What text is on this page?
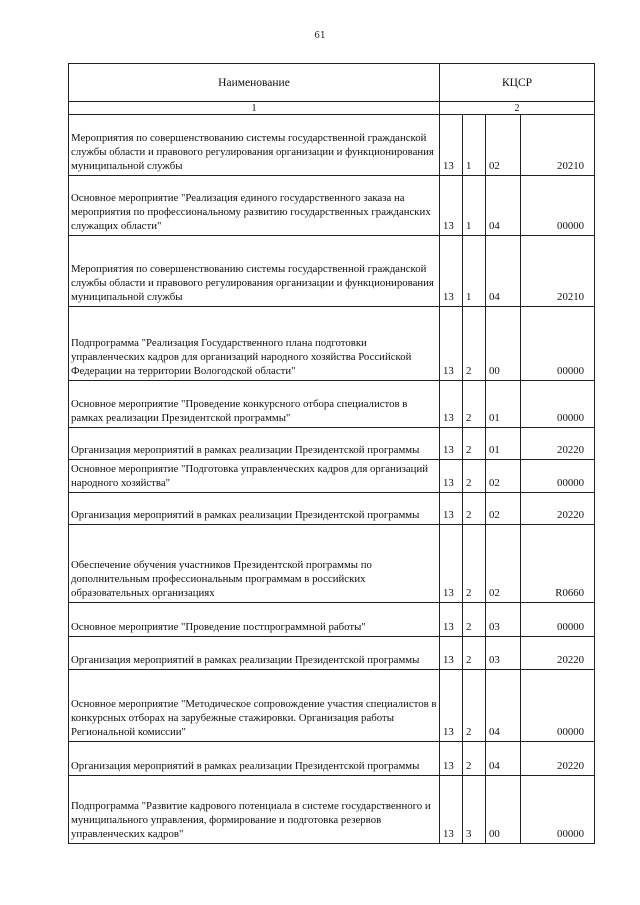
61
Наименование	КЦСР			
1	2			
Мероприятия по совершенствованию системы государственной гражданской службы области и правового регулирования организации и функционирования муниципальной службы	13	1	02	20210
Основное мероприятие "Реализация единого государственного заказа на мероприятия по профессиональному развитию государственных гражданских служащих области"	13	1	04	00000
Мероприятия по совершенствованию системы государственной гражданской службы области и правового регулирования организации и функционирования муниципальной службы	13	1	04	20210
Подпрограмма "Реализация Государственного плана подготовки управленческих кадров для организаций народного хозяйства Российской Федерации на территории Вологодской области"	13	2	00	00000
Основное мероприятие "Проведение конкурсного отбора специалистов в рамках реализации Президентской программы"	13	2	01	00000
Организация мероприятий в рамках реализации Президентской программы	13	2	01	20220
Основное мероприятие "Подготовка управленческих кадров для организаций народного хозяйства"	13	2	02	00000
Организация мероприятий в рамках реализации Президентской программы	13	2	02	20220
Обеспечение обучения участников Президентской программы по дополнительным профессиональным программам в российских образовательных организациях	13	2	02	R0660
Основное мероприятие "Проведение постпрограммной работы"	13	2	03	00000
Организация мероприятий в рамках реализации Президентской программы	13	2	03	20220
Основное мероприятие "Методическое сопровождение участия специалистов в конкурсных отборах на зарубежные стажировки. Организация работы Региональной комиссии"	13	2	04	00000
Организация мероприятий в рамках реализации Президентской программы	13	2	04	20220
Подпрограмма "Развитие кадрового потенциала в системе государственного и муниципального управления, формирование и подготовка резервов управленческих кадров"	13	3	00	00000
